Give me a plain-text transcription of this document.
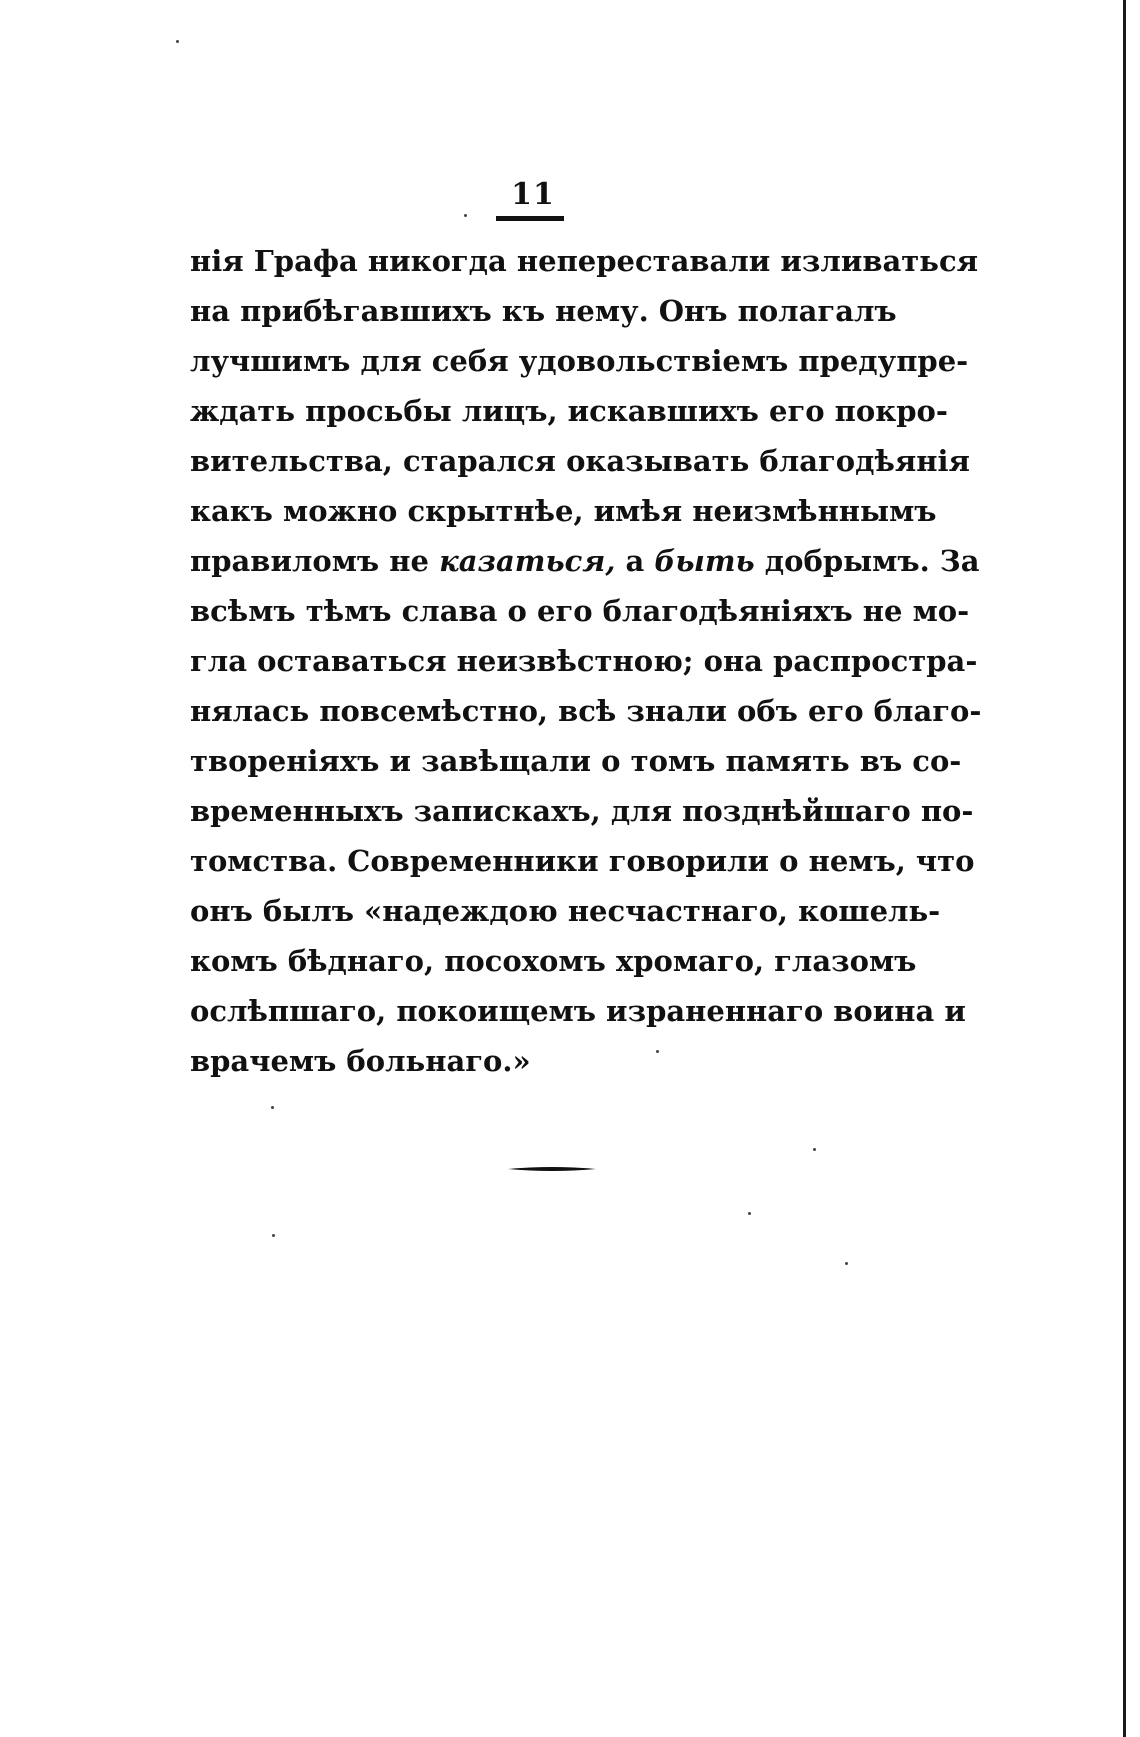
11
нія Графа никогда непереставали изливаться
на прибѣгавшихъ къ нему. Онъ полагалъ
лучшимъ для себя удовольствіемъ предупре-
ждать просьбы лицъ, искавшихъ его покро-
вительства, старался оказывать благодѣянія
какъ можно скрытнѣе, имѣя неизмѣннымъ
правиломъ не казаться, а быть добрымъ. За
всѣмъ тѣмъ слава о его благодѣяніяхъ не мо-
гла оставаться неизвѣстною; она распростра-
нялась повсемѣстно, всѣ знали объ его благо-
твореніяхъ и завѣщали о томъ память въ со-
временныхъ запискахъ, для позднѣйшаго по-
томства. Современники говорили о немъ, что
онъ былъ «надеждою несчастнаго, кошель-
комъ бѣднаго, посохомъ хромаго, глазомъ
ослѣпшаго, покоищемъ израненнаго воина и
врачемъ больнаго.»
